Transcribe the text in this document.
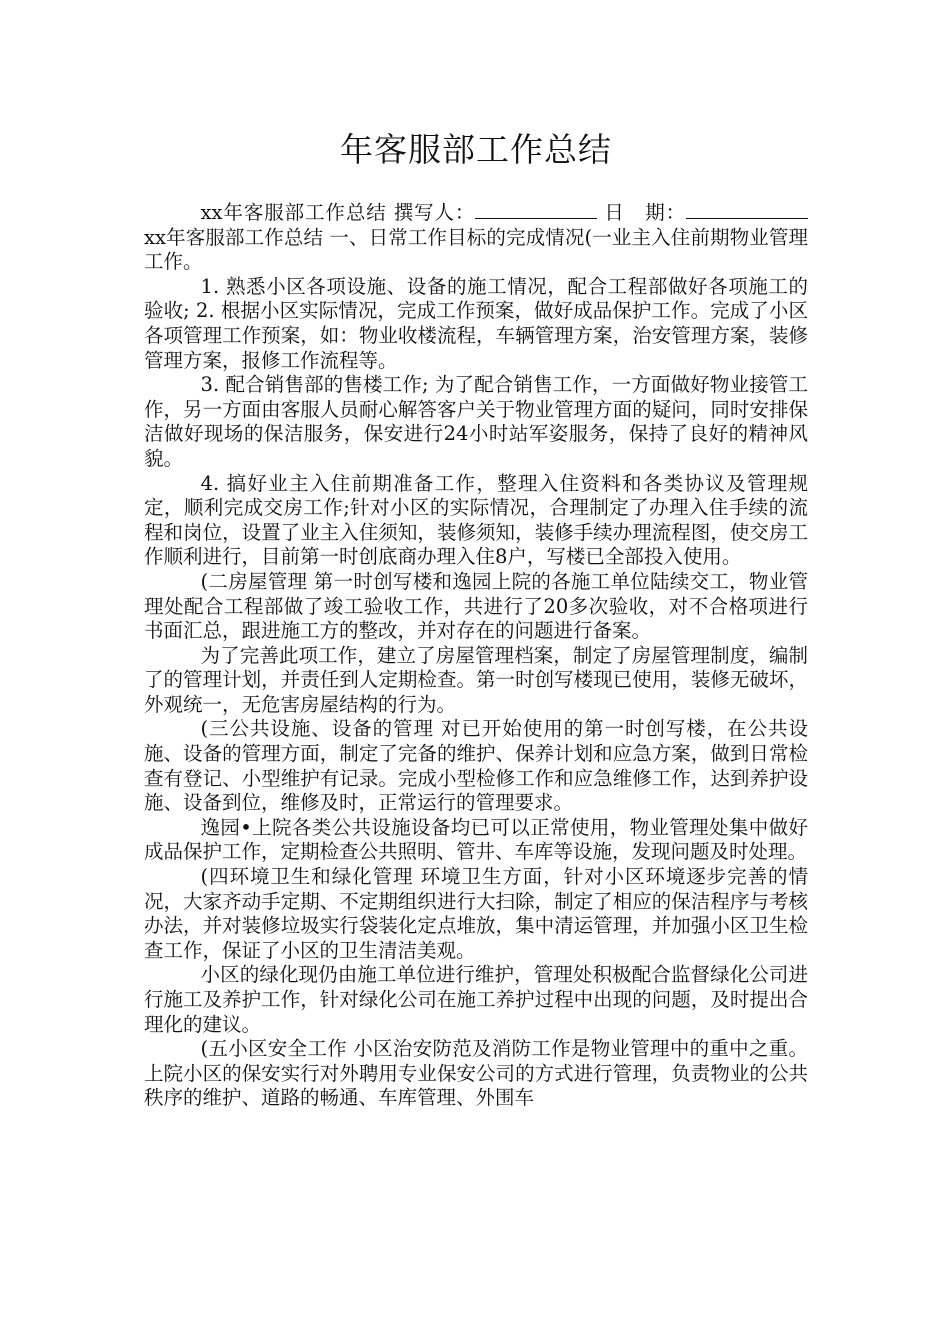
年客服部工作总结

xx年客服部工作总结 撰写人：	日　期：	　　xx年客服部工作总结 一、日常工作目标的完成情况(一业主入住前期物业管理工作。

1. 熟悉小区各项设施、设备的施工情况，配合工程部做好各项施工的验收; 2. 根据小区实际情况，完成工作预案，做好成品保护工作。完成了小区各项管理工作预案，如：物业收楼流程，车辆管理方案，治安管理方案，装修管理方案，报修工作流程等。

3. 配合销售部的售楼工作; 为了配合销售工作，一方面做好物业接管工作，另一方面由客服人员耐心解答客户关于物业管理方面的疑问，同时安排保洁做好现场的保洁服务，保安进行24小时站军姿服务，保持了良好的精神风貌。

4. 搞好业主入住前期准备工作，整理入住资料和各类协议及管理规定，顺利完成交房工作;针对小区的实际情况，合理制定了办理入住手续的流程和岗位，设置了业主入住须知，装修须知，装修手续办理流程图，使交房工作顺利进行，目前第一时创底商办理入住8户，写楼已全部投入使用。

(二房屋管理 第一时创写楼和逸园上院的各施工单位陆续交工，物业管理处配合工程部做了竣工验收工作，共进行了20多次验收，对不合格项进行书面汇总，跟进施工方的整改，并对存在的问题进行备案。

为了完善此项工作，建立了房屋管理档案，制定了房屋管理制度，编制了的管理计划，并责任到人定期检查。第一时创写楼现已使用，装修无破坏，外观统一，无危害房屋结构的行为。

(三公共设施、设备的管理 对已开始使用的第一时创写楼，在公共设施、设备的管理方面，制定了完备的维护、保养计划和应急方案，做到日常检查有登记、小型维护有记录。完成小型检修工作和应急维修工作，达到养护设施、设备到位，维修及时，正常运行的管理要求。

逸园•上院各类公共设施设备均已可以正常使用，物业管理处集中做好成品保护工作，定期检查公共照明、管井、车库等设施，发现问题及时处理。

(四环境卫生和绿化管理 环境卫生方面，针对小区环境逐步完善的情况，大家齐动手定期、不定期组织进行大扫除，制定了相应的保洁程序与考核办法，并对装修垃圾实行袋装化定点堆放，集中清运管理，并加强小区卫生检查工作，保证了小区的卫生清洁美观。

小区的绿化现仍由施工单位进行维护，管理处积极配合监督绿化公司进行施工及养护工作，针对绿化公司在施工养护过程中出现的问题，及时提出合理化的建议。

(五小区安全工作 小区治安防范及消防工作是物业管理中的重中之重。上院小区的保安实行对外聘用专业保安公司的方式进行管理，负责物业的公共秩序的维护、道路的畅通、车库管理、外围车
